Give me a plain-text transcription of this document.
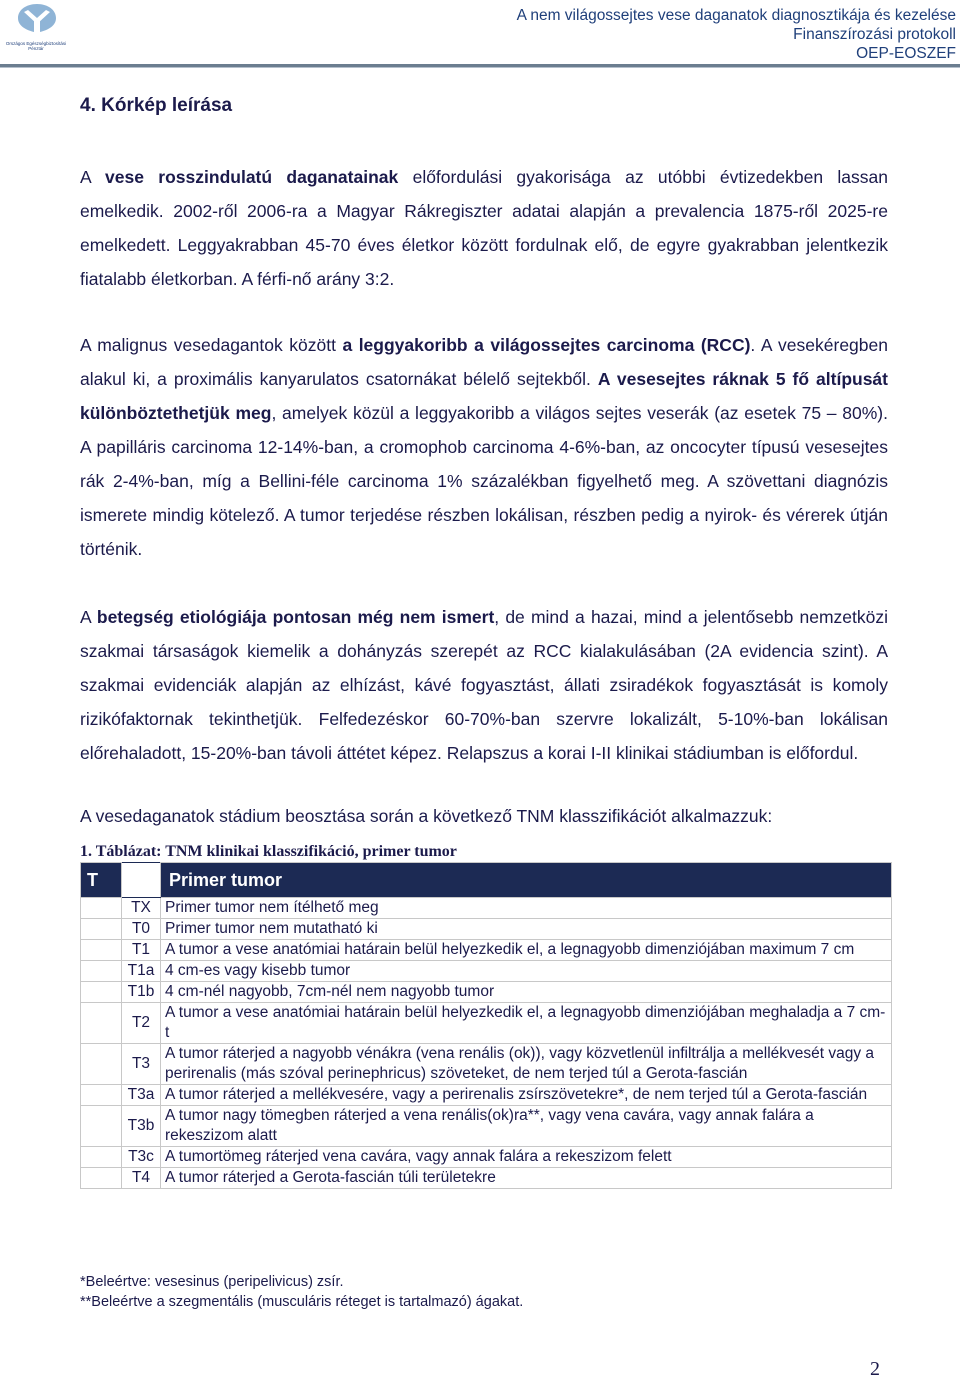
Országos Egészségbiztosítási Pénztár
A nem világossejtes vese daganatok diagnosztikája és kezelése
Finanszírozási protokoll
OEP-EOSZEF
4. Kórkép leírása

A vese rosszindulatú daganatainak előfordulási gyakorisága az utóbbi évtizedekben lassan emelkedik. 2002-ről 2006-ra a Magyar Rákregiszter adatai alapján a prevalencia 1875-ről 2025-re emelkedett. Leggyakrabban 45-70 éves életkor között fordulnak elő, de egyre gyakrabban jelentkezik fiatalabb életkorban. A férfi-nő arány 3:2.

A malignus vesedagantok között a leggyakoribb a világossejtes carcinoma (RCC). A vesekéregben alakul ki, a proximális kanyarulatos csatornákat bélelő sejtekből. A vesesejtes ráknak 5 fő altípusát különböztethetjük meg, amelyek közül a leggyakoribb a világos sejtes veserák (az esetek 75 – 80%). A papilláris carcinoma 12-14%-ban, a cromophob carcinoma 4-6%-ban, az oncocyter típusú vesesejtes rák 2-4%-ban, míg a Bellini-féle carcinoma 1% százalékban figyelhető meg. A szövettani diagnózis ismerete mindig kötelező. A tumor terjedése részben lokálisan, részben pedig a nyirok- és vérerek útján történik.

A betegség etiológiája pontosan még nem ismert, de mind a hazai, mind a jelentősebb nemzetközi szakmai társaságok kiemelik a dohányzás szerepét az RCC kialakulásában (2A evidencia szint). A szakmai evidenciák alapján az elhízást, kávé fogyasztást, állati zsiradékok fogyasztását is komoly rizikófaktornak tekinthetjük. Felfedezéskor 60-70%-ban szervre lokalizált, 5-10%-ban lokálisan előrehaladott, 15-20%-ban távoli áttétet képez. Relapszus a korai I-II klinikai stádiumban is előfordul.

A vesedaganatok stádium beosztása során a következő TNM klasszifikációt alkalmazzuk:

1. Táblázat: TNM klinikai klasszifikáció, primer tumor
T		Primer tumor
	TX	Primer tumor nem ítélhető meg
	T0	Primer tumor nem mutatható ki
	T1	A tumor a vese anatómiai határain belül helyezkedik el, a legnagyobb dimenziójában maximum 7 cm
	T1a	4 cm-es vagy kisebb tumor
	T1b	4 cm-nél nagyobb, 7cm-nél nem nagyobb tumor
	T2	A tumor a vese anatómiai határain belül helyezkedik el, a legnagyobb dimenziójában meghaladja a 7 cm-t
	T3	A tumor ráterjed a nagyobb vénákra (vena renális (ok)), vagy közvetlenül infiltrálja a mellékvesét vagy a perirenalis (más szóval perinephricus) szöveteket, de nem terjed túl a Gerota-fascián
	T3a	A tumor ráterjed a mellékvesére, vagy a perirenalis zsírszövetekre*, de nem terjed túl a Gerota-fascián
	T3b	A tumor nagy tömegben ráterjed a vena renális(ok)ra**, vagy vena cavára, vagy annak falára a rekeszizom alatt
	T3c	A tumortömeg ráterjed vena cavára, vagy annak falára a rekeszizom felett
	T4	A tumor ráterjed a Gerota-fascián túli területekre
*Beleértve: vesesinus (peripelivicus) zsír.
**Beleértve a szegmentális (musculáris réteget is tartalmazó) ágakat.
2
